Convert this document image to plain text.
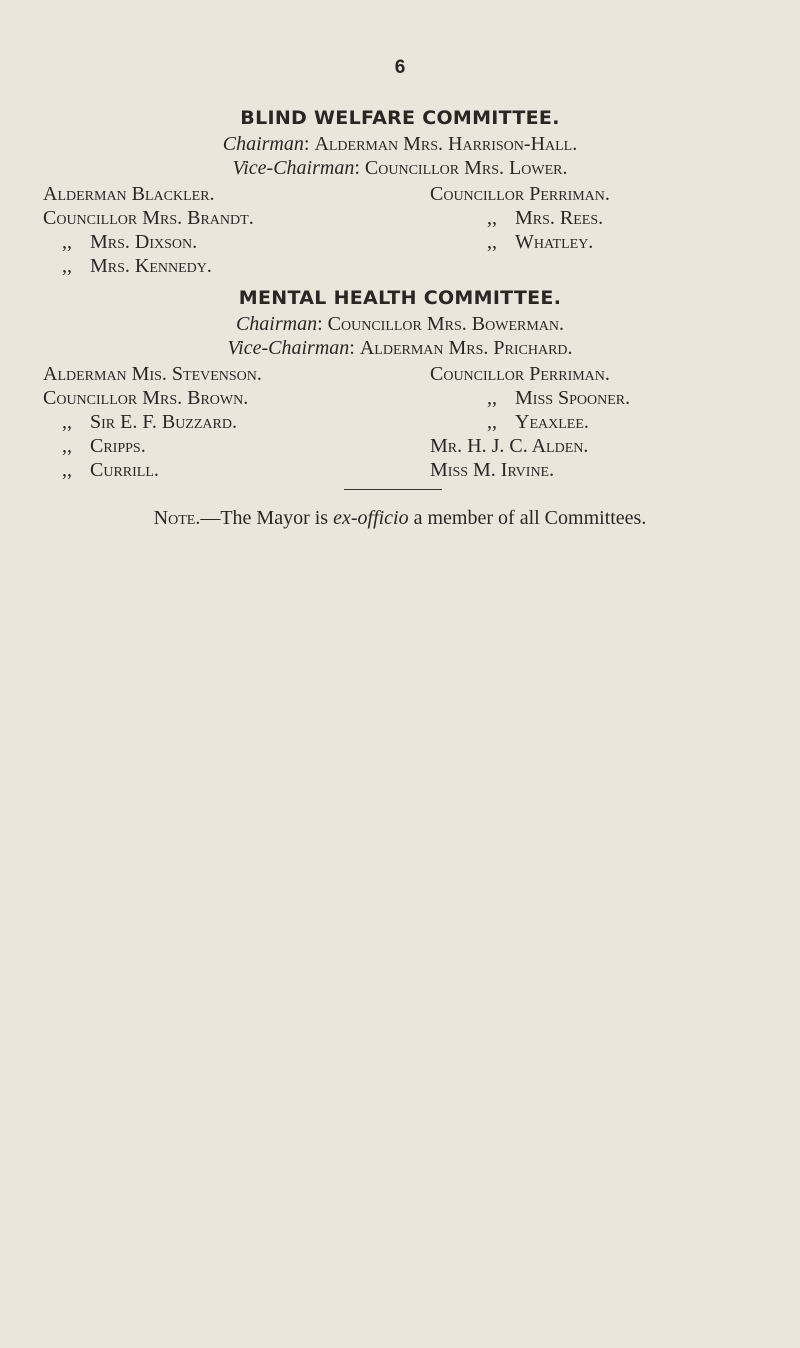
6
BLIND WELFARE COMMITTEE.
Chairman: Alderman Mrs. Harrison-Hall.
Vice-Chairman: Councillor Mrs. Lower.
Alderman Blackler.
Councillor Mrs. Brandt.
,, Mrs. Dixson.
,, Mrs. Kennedy.
Councillor Perriman.
,, Mrs. Rees.
,, Whatley.
MENTAL HEALTH COMMITTEE.
Chairman: Councillor Mrs. Bowerman.
Vice-Chairman: Alderman Mrs. Prichard.
Alderman Mis. Stevenson.
Councillor Mrs. Brown.
,, Sir E. F. Buzzard.
,, Cripps.
,, Currill.
Councillor Perriman.
,, Miss Spooner.
,, Yeaxlee.
Mr. H. J. C. Alden.
Miss M. Irvine.
Note.—The Mayor is ex-officio a member of all Committees.
